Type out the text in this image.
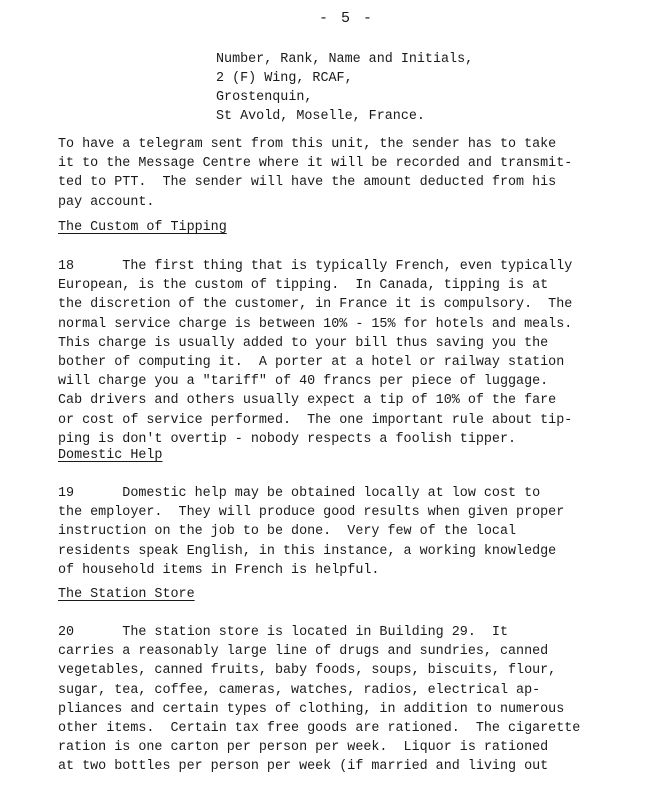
- 5 -
Number, Rank, Name and Initials,
2 (F) Wing, RCAF,
Grostenquin,
St Avold, Moselle, France.
To have a telegram sent from this unit, the sender has to take
it to the Message Centre where it will be recorded and transmit-
ted to PTT.  The sender will have the amount deducted from his
pay account.
The Custom of Tipping
18      The first thing that is typically French, even typically
European, is the custom of tipping.  In Canada, tipping is at
the discretion of the customer, in France it is compulsory.  The
normal service charge is between 10% - 15% for hotels and meals.
This charge is usually added to your bill thus saving you the
bother of computing it.  A porter at a hotel or railway station
will charge you a "tariff" of 40 francs per piece of luggage.
Cab drivers and others usually expect a tip of 10% of the fare
or cost of service performed.  The one important rule about tip-
ping is don't overtip - nobody respects a foolish tipper.
Domestic Help
19      Domestic help may be obtained locally at low cost to
the employer.  They will produce good results when given proper
instruction on the job to be done.  Very few of the local
residents speak English, in this instance, a working knowledge
of household items in French is helpful.
The Station Store
20      The station store is located in Building 29.  It
carries a reasonably large line of drugs and sundries, canned
vegetables, canned fruits, baby foods, soups, biscuits, flour,
sugar, tea, coffee, cameras, watches, radios, electrical ap-
pliances and certain types of clothing, in addition to numerous
other items.  Certain tax free goods are rationed.  The cigarette
ration is one carton per person per week.  Liquor is rationed
at two bottles per person per week (if married and living out
